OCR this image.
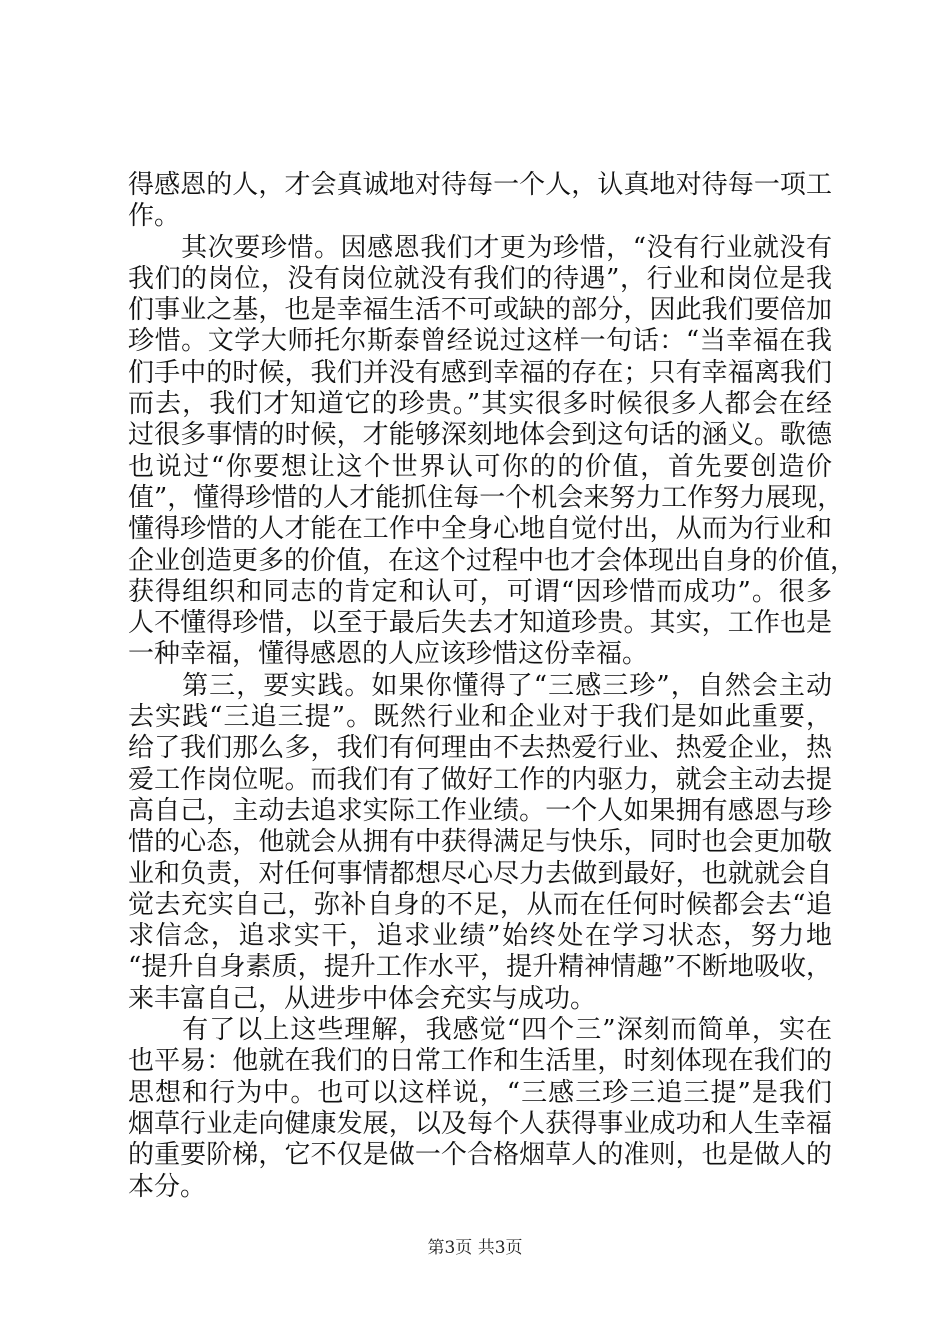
得感恩的人，才会真诚地对待每一个人，认真地对待每一项工
作。

　　其次要珍惜。因感恩我们才更为珍惜，“没有行业就没有
我们的岗位，没有岗位就没有我们的待遇”，行业和岗位是我
们事业之基，也是幸福生活不可或缺的部分，因此我们要倍加
珍惜。文学大师托尔斯泰曾经说过这样一句话：“当幸福在我
们手中的时候，我们并没有感到幸福的存在；只有幸福离我们
而去，我们才知道它的珍贵。”其实很多时候很多人都会在经
过很多事情的时候，才能够深刻地体会到这句话的涵义。歌德
也说过“你要想让这个世界认可你的的价值，首先要创造价
值”，懂得珍惜的人才能抓住每一个机会来努力工作努力展现，
懂得珍惜的人才能在工作中全身心地自觉付出，从而为行业和
企业创造更多的价值，在这个过程中也才会体现出自身的价值，
获得组织和同志的肯定和认可，可谓“因珍惜而成功”。很多
人不懂得珍惜，以至于最后失去才知道珍贵。其实，工作也是
一种幸福，懂得感恩的人应该珍惜这份幸福。

　　第三，要实践。如果你懂得了“三感三珍”，自然会主动
去实践“三追三提”。既然行业和企业对于我们是如此重要，
给了我们那么多，我们有何理由不去热爱行业、热爱企业，热
爱工作岗位呢。而我们有了做好工作的内驱力，就会主动去提
高自己，主动去追求实际工作业绩。一个人如果拥有感恩与珍
惜的心态，他就会从拥有中获得满足与快乐，同时也会更加敬
业和负责，对任何事情都想尽心尽力去做到最好，也就就会自
觉去充实自己，弥补自身的不足，从而在任何时候都会去“追
求信念，追求实干，追求业绩”始终处在学习状态，努力地
“提升自身素质，提升工作水平，提升精神情趣”不断地吸收，
来丰富自己，从进步中体会充实与成功。

　　有了以上这些理解，我感觉“四个三”深刻而简单，实在
也平易：他就在我们的日常工作和生活里，时刻体现在我们的
思想和行为中。也可以这样说，“三感三珍三追三提”是我们
烟草行业走向健康发展，以及每个人获得事业成功和人生幸福
的重要阶梯，它不仅是做一个合格烟草人的准则，也是做人的
本分。

第3页 共3页
